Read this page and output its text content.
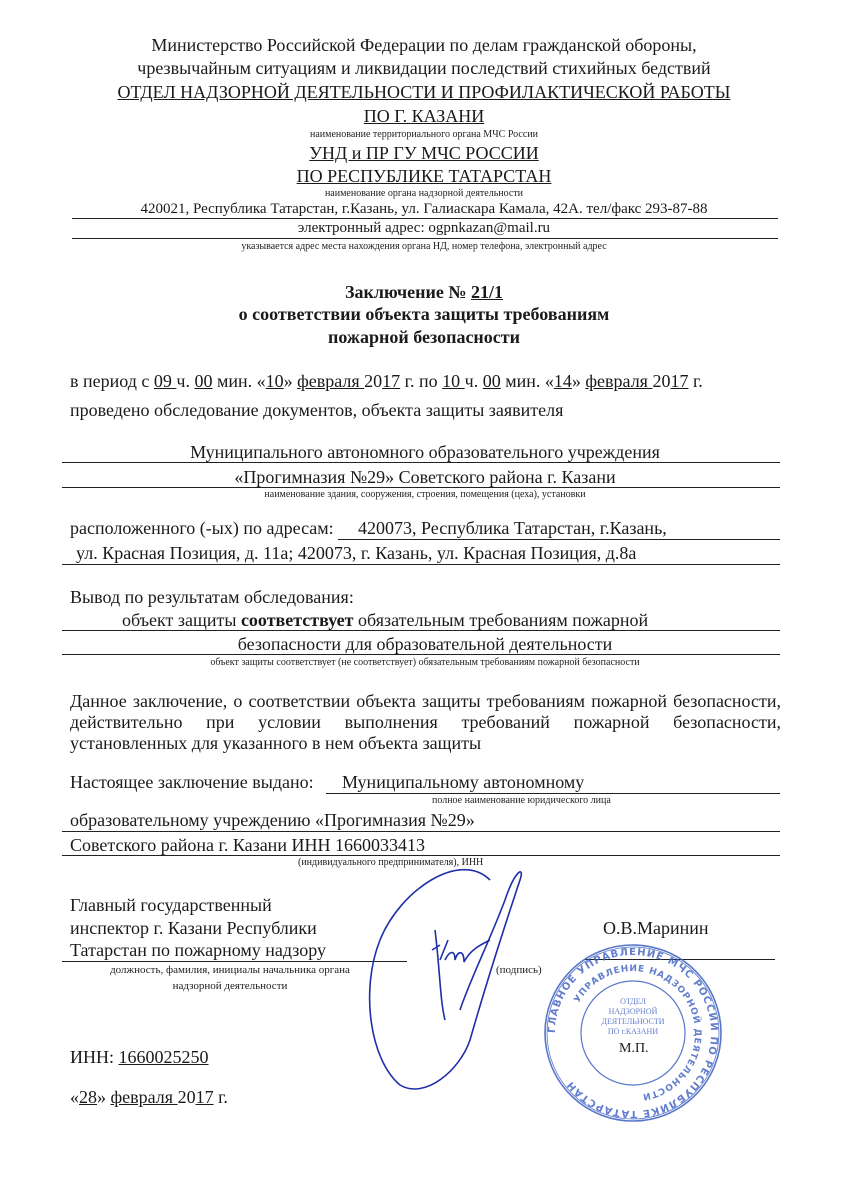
Министерство Российской Федерации по делам гражданской обороны,
чрезвычайным ситуациям и ликвидации последствий стихийных бедствий
ОТДЕЛ НАДЗОРНОЙ ДЕЯТЕЛЬНОСТИ И ПРОФИЛАКТИЧЕСКОЙ РАБОТЫ
ПО Г. КАЗАНИ
наименование территориального органа МЧС России
УНД и ПР ГУ МЧС РОССИИ
ПО РЕСПУБЛИКЕ ТАТАРСТАН
наименование органа надзорной деятельности
420021, Республика Татарстан, г.Казань, ул. Галиаскара Камала, 42А. тел/факс 293-87-88
электронный адрес: ogpnkazan@mail.ru
указывается адрес места нахождения органа НД, номер телефона, электронный адрес
Заключение № 21/1
о соответствии объекта защиты требованиям
пожарной безопасности
в период с 09 ч. 00 мин. «10» февраля 2017 г. по 10 ч. 00 мин. «14» февраля 2017 г.
проведено обследование документов, объекта защиты заявителя
Муниципального автономного образовательного учреждения
«Прогимназия №29» Советского района г. Казани
наименование здания, сооружения, строения, помещения (цеха), установки
расположенного (-ых) по адресам: 420073, Республика Татарстан, г.Казань,
ул. Красная Позиция, д. 11а; 420073, г. Казань, ул. Красная Позиция, д.8а
Вывод по результатам обследования:
объект защиты соответствует обязательным требованиям пожарной
безопасности для образовательной деятельности
объект защиты соответствует (не соответствует) обязательным требованиям пожарной безопасности
Данное заключение, о соответствии объекта защиты требованиям пожарной безопасности, действительно при условии выполнения требований пожарной безопасности, установленных для указанного в нем объекта защиты
Настоящее заключение выдано: Муниципальному автономному
полное наименование юридического лица
образовательному учреждению «Прогимназия №29»
Советского района г. Казани ИНН 1660033413
(индивидуального предпринимателя), ИНН
Главный государственный
инспектор г. Казани Республики
Татарстан по пожарному надзору
должность, фамилия, инициалы начальника органа
надзорной деятельности
(подпись)
О.В.Маринин
ИНН: 1660025250
«28» февраля 2017 г.
ГЛАВНОЕ УПРАВЛЕНИЕ МЧС РОССИИ ПО РЕСПУБЛИКЕ ТАТАРСТАН
УПРАВЛЕНИЕ НАДЗОРНОЙ ДЕЯТЕЛЬНОСТИ
ОТДЕЛ
НАДЗОРНОЙ
ДЕЯТЕЛЬНОСТИ
ПО г.КАЗАНИ
М.П.
